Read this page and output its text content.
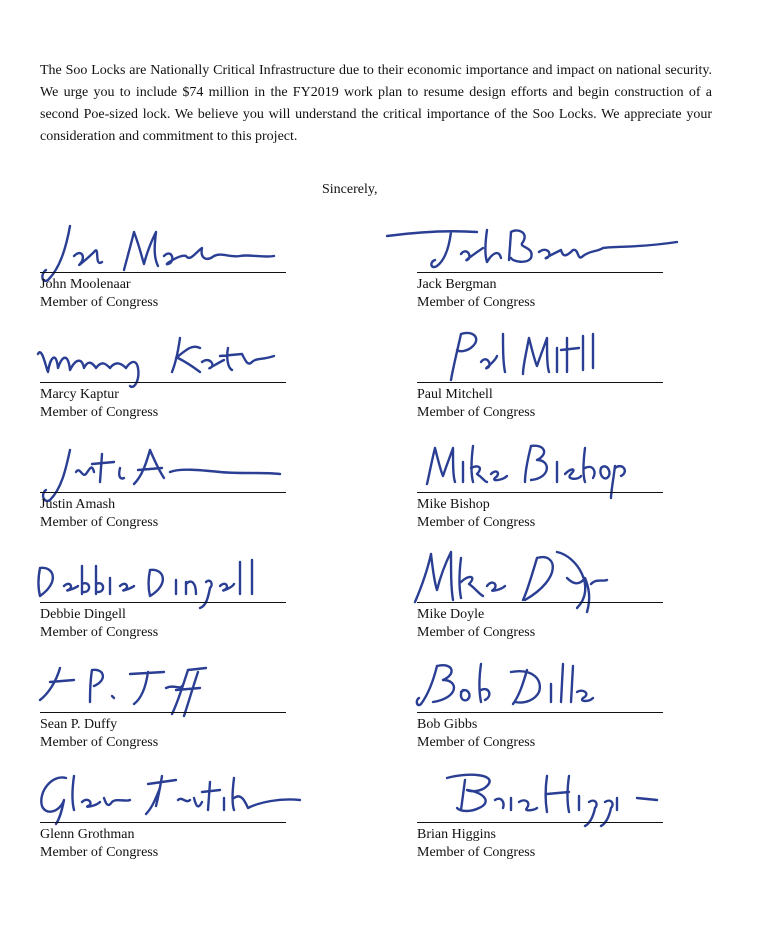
The Soo Locks are Nationally Critical Infrastructure due to their economic importance and impact on national security. We urge you to include $74 million in the FY2019 work plan to resume design efforts and begin construction of a second Poe-sized lock. We believe you will understand the critical importance of the Soo Locks. We appreciate your consideration and commitment to this project.

Sincerely,
John Moolenaar
Member of Congress
Jack Bergman
Member of Congress
Marcy Kaptur
Member of Congress
Paul Mitchell
Member of Congress
Justin Amash
Member of Congress
Mike Bishop
Member of Congress
Debbie Dingell
Member of Congress
Mike Doyle
Member of Congress
Sean P. Duffy
Member of Congress
Bob Gibbs
Member of Congress
Glenn Grothman
Member of Congress
Brian Higgins
Member of Congress
